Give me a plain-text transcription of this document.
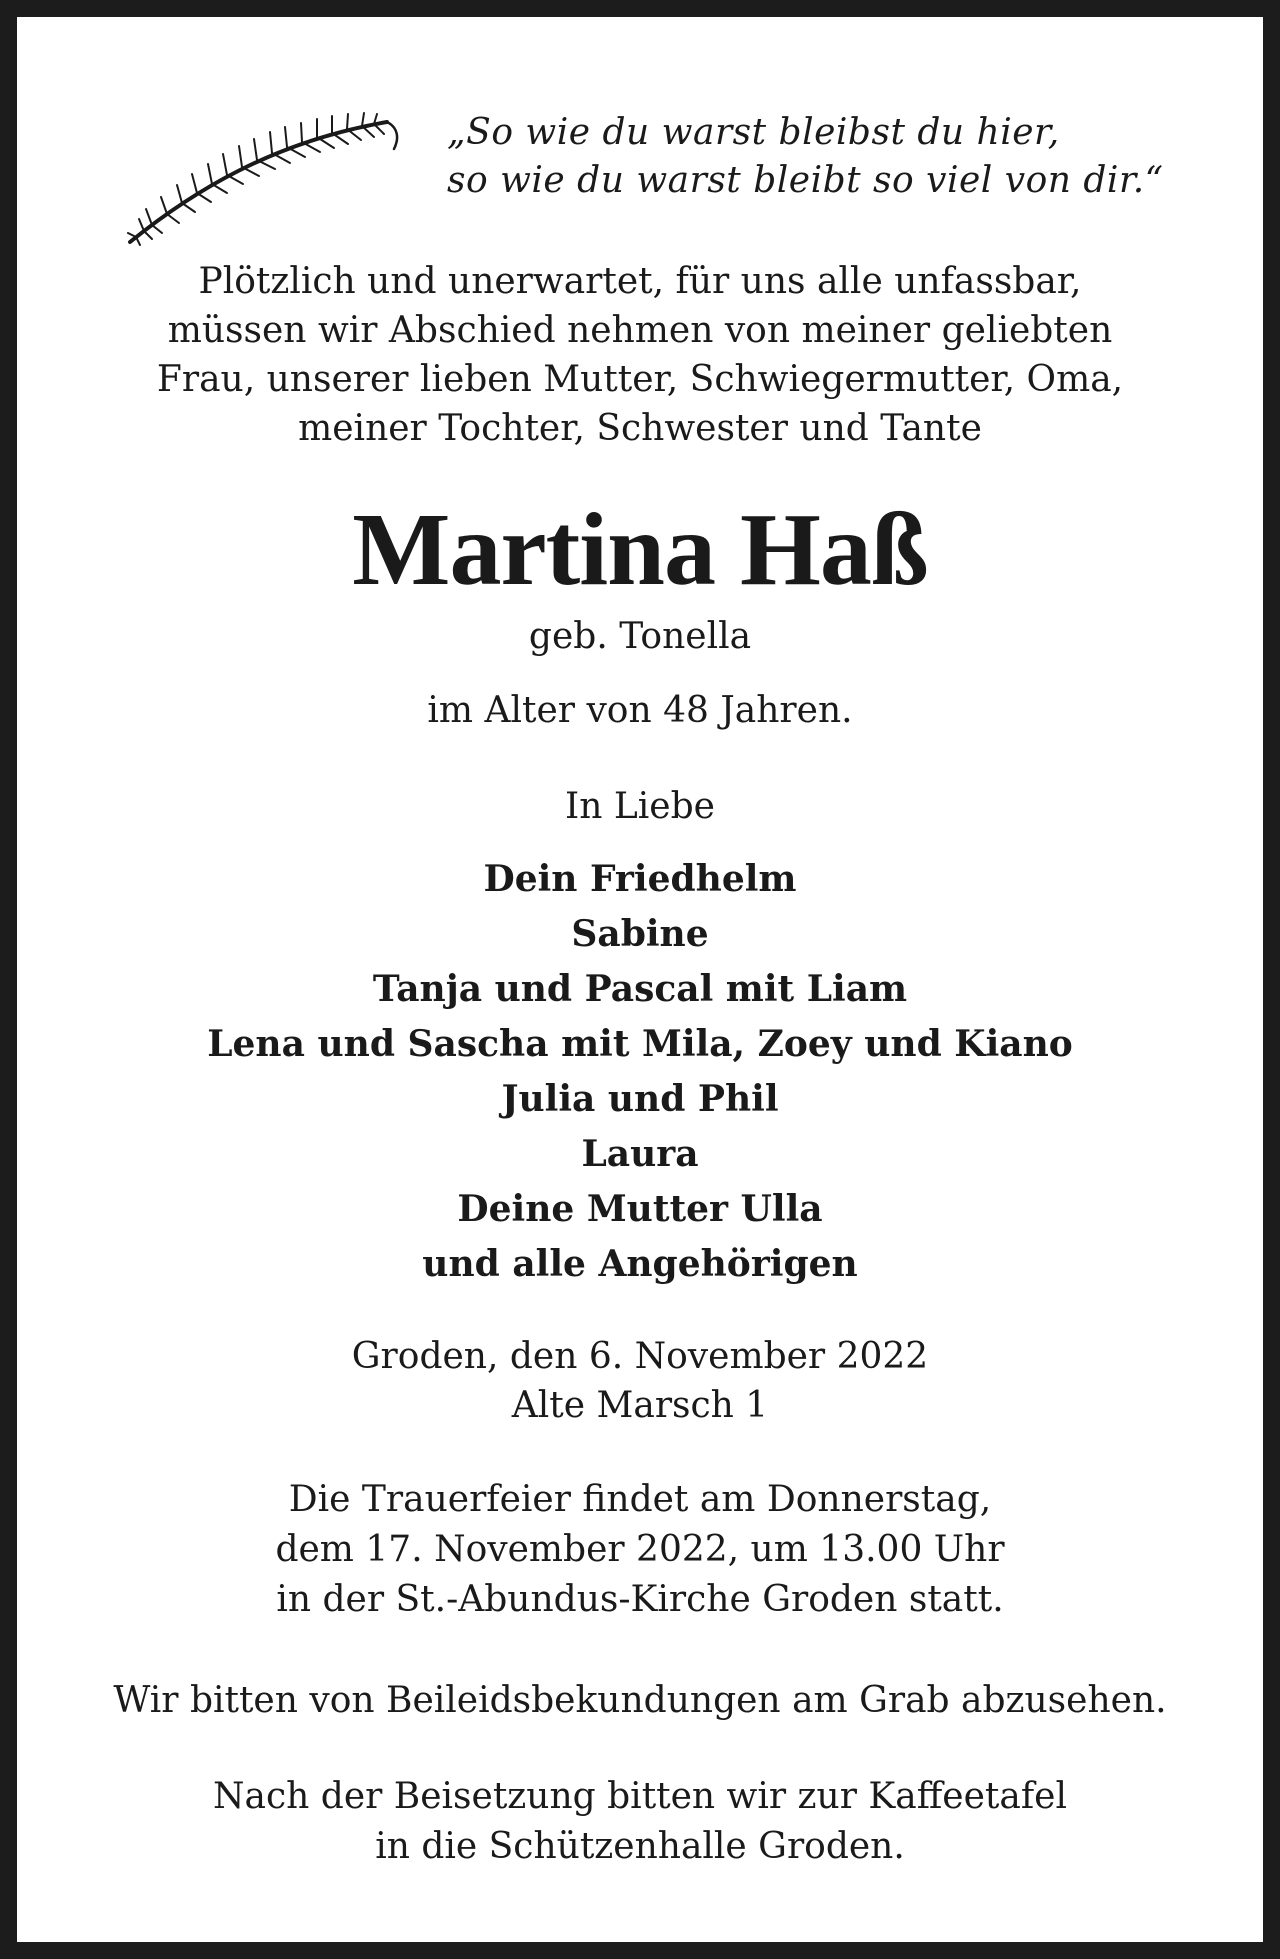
„So wie du warst bleibst du hier,
so wie du warst bleibt so viel von dir.“
Plötzlich und unerwartet, für uns alle unfassbar,
müssen wir Abschied nehmen von meiner geliebten
Frau, unserer lieben Mutter, Schwiegermutter, Oma,
meiner Tochter, Schwester und Tante
Martina Haß
geb. Tonella
im Alter von 48 Jahren.
In Liebe
Dein Friedhelm
Sabine
Tanja und Pascal mit Liam
Lena und Sascha mit Mila, Zoey und Kiano
Julia und Phil
Laura
Deine Mutter Ulla
und alle Angehörigen
Groden, den 6. November 2022
Alte Marsch 1
Die Trauerfeier findet am Donnerstag,
dem 17. November 2022, um 13.00 Uhr
in der St.-Abundus-Kirche Groden statt.
Wir bitten von Beileidsbekundungen am Grab abzusehen.
Nach der Beisetzung bitten wir zur Kaffeetafel
in die Schützenhalle Groden.
